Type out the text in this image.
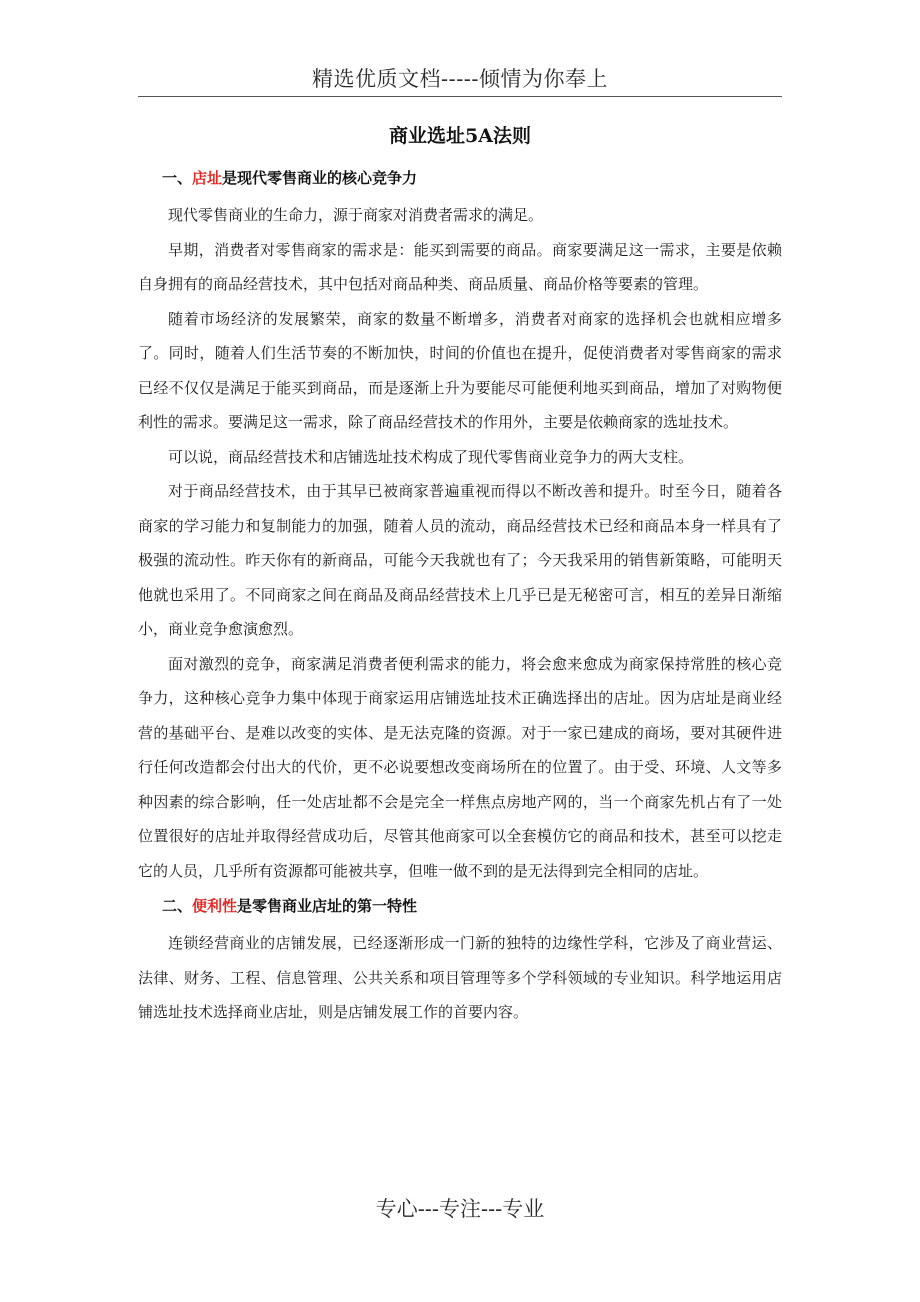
精选优质文档-----倾情为你奉上
商业选址5A法则
一、店址是现代零售商业的核心竞争力

现代零售商业的生命力，源于商家对消费者需求的满足。

早期，消费者对零售商家的需求是：能买到需要的商品。商家要满足这一需求，主要是依赖自身拥有的商品经营技术，其中包括对商品种类、商品质量、商品价格等要素的管理。

随着市场经济的发展繁荣，商家的数量不断增多，消费者对商家的选择机会也就相应增多了。同时，随着人们生活节奏的不断加快，时间的价值也在提升，促使消费者对零售商家的需求已经不仅仅是满足于能买到商品，而是逐渐上升为要能尽可能便利地买到商品，增加了对购物便利性的需求。要满足这一需求，除了商品经营技术的作用外，主要是依赖商家的选址技术。

可以说，商品经营技术和店铺选址技术构成了现代零售商业竞争力的两大支柱。

对于商品经营技术，由于其早已被商家普遍重视而得以不断改善和提升。时至今日，随着各商家的学习能力和复制能力的加强，随着人员的流动，商品经营技术已经和商品本身一样具有了极强的流动性。昨天你有的新商品，可能今天我就也有了；今天我采用的销售新策略，可能明天他就也采用了。不同商家之间在商品及商品经营技术上几乎已是无秘密可言，相互的差异日渐缩小，商业竞争愈演愈烈。

面对激烈的竞争，商家满足消费者便利需求的能力，将会愈来愈成为商家保持常胜的核心竞争力，这种核心竞争力集中体现于商家运用店铺选址技术正确选择出的店址。因为店址是商业经营的基础平台、是难以改变的实体、是无法克隆的资源。对于一家已建成的商场，要对其硬件进行任何改造都会付出大的代价，更不必说要想改变商场所在的位置了。由于受、环境、人文等多种因素的综合影响，任一处店址都不会是完全一样焦点房地产网的，当一个商家先机占有了一处位置很好的店址并取得经营成功后，尽管其他商家可以全套模仿它的商品和技术，甚至可以挖走它的人员，几乎所有资源都可能被共享，但唯一做不到的是无法得到完全相同的店址。

二、便利性是零售商业店址的第一特性

连锁经营商业的店铺发展，已经逐渐形成一门新的独特的边缘性学科，它涉及了商业营运、法律、财务、工程、信息管理、公共关系和项目管理等多个学科领域的专业知识。科学地运用店铺选址技术选择商业店址，则是店铺发展工作的首要内容。

专心---专注---专业
